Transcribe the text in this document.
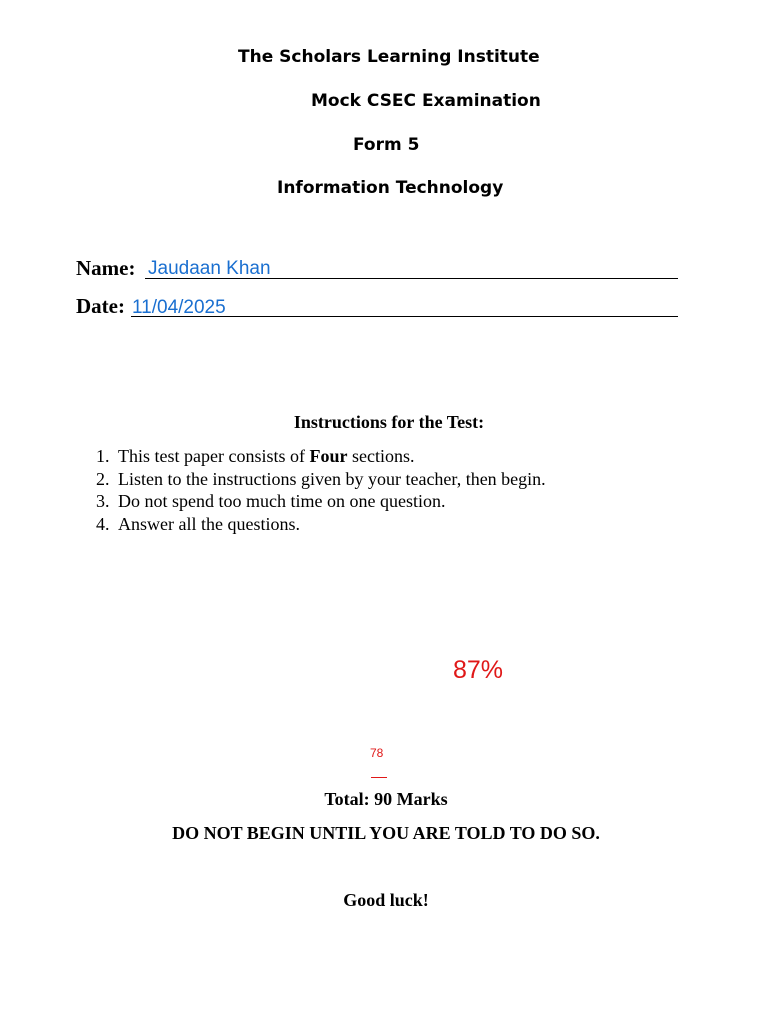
The Scholars Learning Institute
Mock CSEC Examination
Form 5
Information Technology
Name: Jaudaan Khan
Date: 11/04/2025
Instructions for the Test:
1. This test paper consists of Four sections.
2. Listen to the instructions given by your teacher, then begin.
3. Do not spend too much time on one question.
4. Answer all the questions.
87%
78
Total: 90 Marks
DO NOT BEGIN UNTIL YOU ARE TOLD TO DO SO.
Good luck!
